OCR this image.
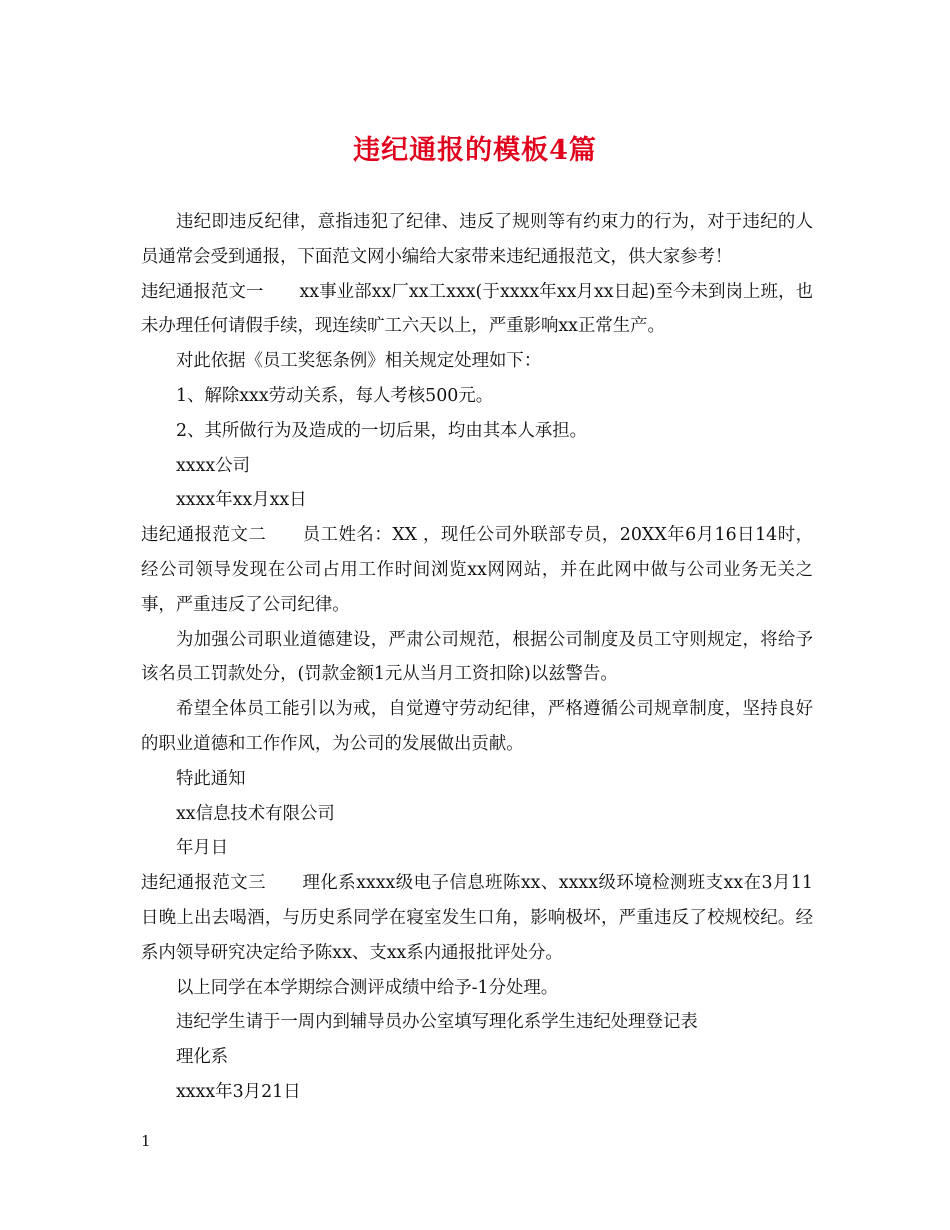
违纪通报的模板4篇

违纪即违反纪律，意指违犯了纪律、违反了规则等有约束力的行为，对于违纪的人员通常会受到通报，下面范文网小编给大家带来违纪通报范文，供大家参考！

违纪通报范文一 xx事业部xx厂xx工xxx(于xxxx年xx月xx日起)至今未到岗上班，也未办理任何请假手续，现连续旷工六天以上，严重影响xx正常生产。

对此依据《员工奖惩条例》相关规定处理如下：

1、解除xxx劳动关系，每人考核500元。

2、其所做行为及造成的一切后果，均由其本人承担。

xxxx公司

xxxx年xx月xx日

违纪通报范文二 员工姓名：XX ，现任公司外联部专员，20XX年6月16日14时，经公司领导发现在公司占用工作时间浏览xx网网站，并在此网中做与公司业务无关之事，严重违反了公司纪律。

为加强公司职业道德建设，严肃公司规范，根据公司制度及员工守则规定，将给予该名员工罚款处分，(罚款金额1元从当月工资扣除)以兹警告。

希望全体员工能引以为戒，自觉遵守劳动纪律，严格遵循公司规章制度，坚持良好的职业道德和工作作风，为公司的发展做出贡献。

特此通知

xx信息技术有限公司

年月日

违纪通报范文三 理化系xxxx级电子信息班陈xx、xxxx级环境检测班支xx在3月11日晚上出去喝酒，与历史系同学在寝室发生口角，影响极坏，严重违反了校规校纪。经系内领导研究决定给予陈xx、支xx系内通报批评处分。

以上同学在本学期综合测评成绩中给予-1分处理。

违纪学生请于一周内到辅导员办公室填写理化系学生违纪处理登记表

理化系

xxxx年3月21日

1
